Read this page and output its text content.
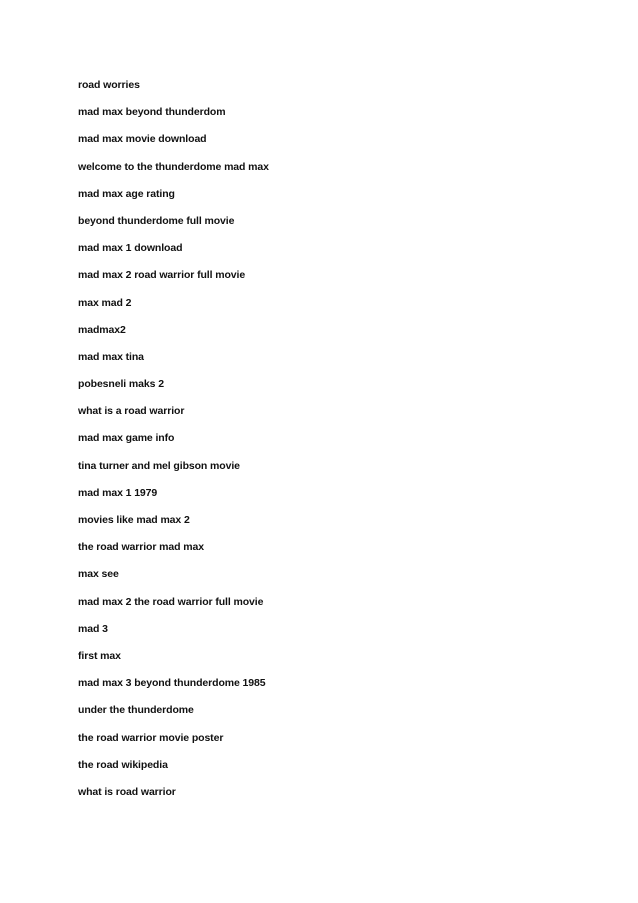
road worries
mad max beyond thunderdom
mad max movie download
welcome to the thunderdome mad max
mad max age rating
beyond thunderdome full movie
mad max 1 download
mad max 2 road warrior full movie
max mad 2
madmax2
mad max tina
pobesneli maks 2
what is a road warrior
mad max game info
tina turner and mel gibson movie
mad max 1 1979
movies like mad max 2
the road warrior mad max
max see
mad max 2 the road warrior full movie
mad 3
first max
mad max 3 beyond thunderdome 1985
under the thunderdome
the road warrior movie poster
the road wikipedia
what is road warrior
